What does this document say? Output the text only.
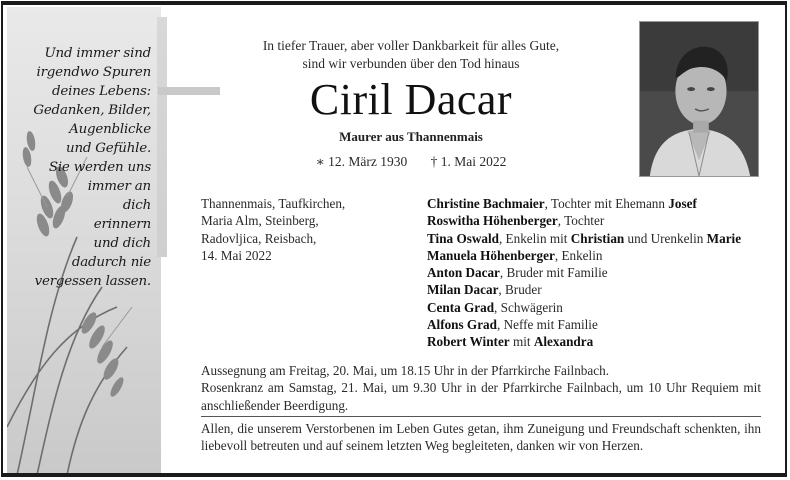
Und immer sind
irgendwo Spuren
deines Lebens:
Gedanken, Bilder,
Augenblicke
und Gefühle.
Sie werden uns
immer an
dich
erinnern
und dich
dadurch nie
vergessen lassen.
In tiefer Trauer, aber voller Dankbarkeit für alles Gute,
sind wir verbunden über den Tod hinaus
Ciril Dacar
Maurer aus Thannenmais
∗ 12. März 1930 † 1. Mai 2022
Thannenmais, Taufkirchen,
Maria Alm, Steinberg,
Radovljica, Reisbach,
14. Mai 2022
Christine Bachmaier, Tochter mit Ehemann Josef
Roswitha Höhenberger, Tochter
Tina Oswald, Enkelin mit Christian und Urenkelin Marie
Manuela Höhenberger, Enkelin
Anton Dacar, Bruder mit Familie
Milan Dacar, Bruder
Centa Grad, Schwägerin
Alfons Grad, Neffe mit Familie
Robert Winter mit Alexandra
Aussegnung am Freitag, 20. Mai, um 18.15 Uhr in der Pfarrkirche Failnbach.
Rosenkranz am Samstag, 21. Mai, um 9.30 Uhr in der Pfarrkirche Failnbach, um 10 Uhr Requiem mit anschließender Beerdigung.
Allen, die unserem Verstorbenen im Leben Gutes getan, ihm Zuneigung und Freundschaft schenkten, ihn liebevoll betreuten und auf seinem letzten Weg begleiteten, danken wir von Herzen.
